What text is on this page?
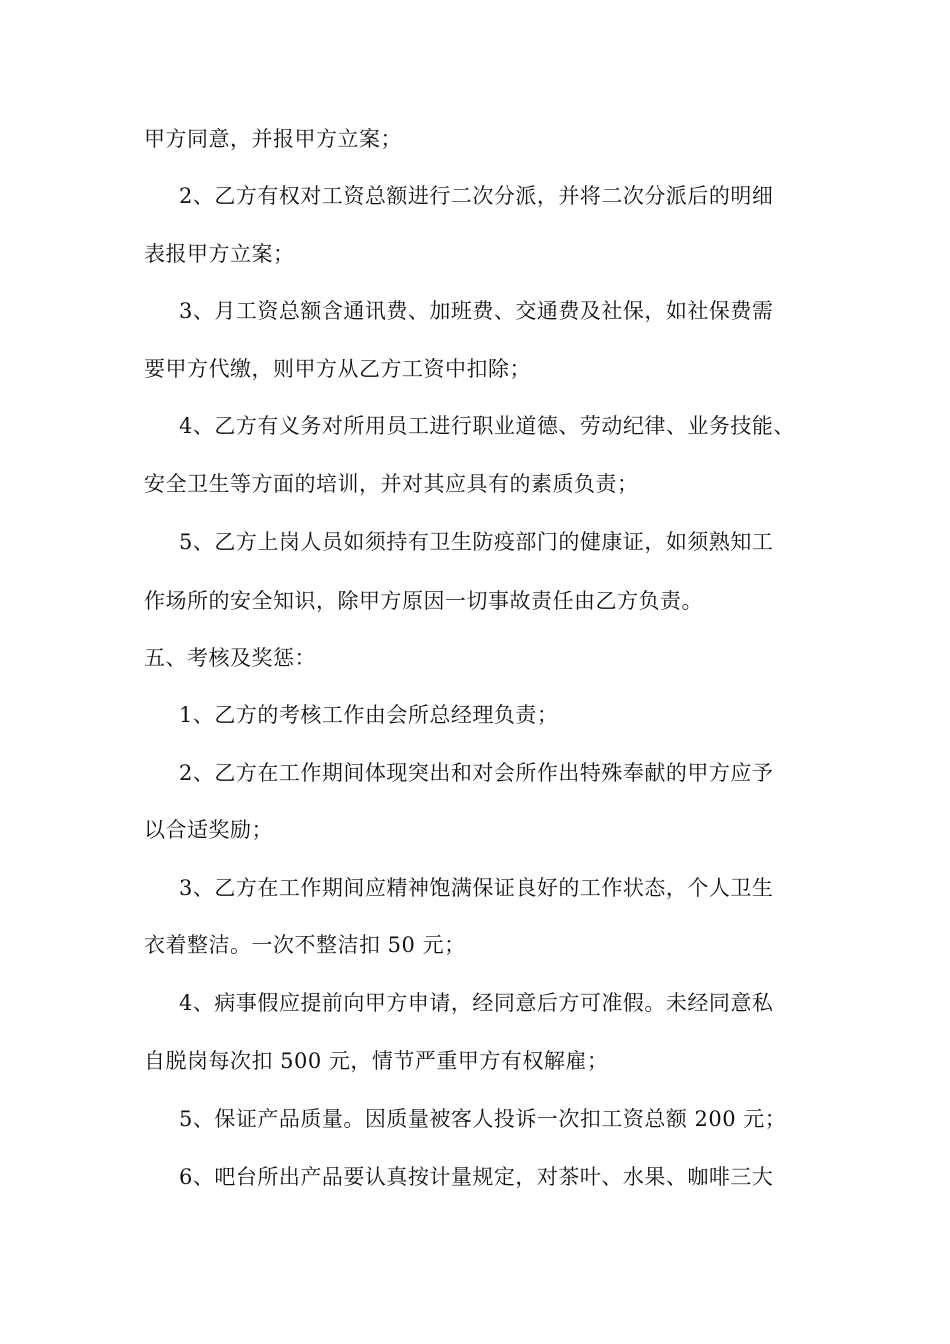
甲方同意，并报甲方立案；
2、乙方有权对工资总额进行二次分派，并将二次分派后的明细
表报甲方立案；
3、月工资总额含通讯费、加班费、交通费及社保，如社保费需
要甲方代缴，则甲方从乙方工资中扣除；
4、乙方有义务对所用员工进行职业道德、劳动纪律、业务技能、
安全卫生等方面的培训，并对其应具有的素质负责；
5、乙方上岗人员如须持有卫生防疫部门的健康证，如须熟知工
作场所的安全知识，除甲方原因一切事故责任由乙方负责。
五、考核及奖惩：
1、乙方的考核工作由会所总经理负责；
2、乙方在工作期间体现突出和对会所作出特殊奉献的甲方应予
以合适奖励；
3、乙方在工作期间应精神饱满保证良好的工作状态，个人卫生
衣着整洁。一次不整洁扣 50 元；
4、病事假应提前向甲方申请，经同意后方可准假。未经同意私
自脱岗每次扣 500 元，情节严重甲方有权解雇；
5、保证产品质量。因质量被客人投诉一次扣工资总额 200 元；
6、吧台所出产品要认真按计量规定，对茶叶、水果、咖啡三大
